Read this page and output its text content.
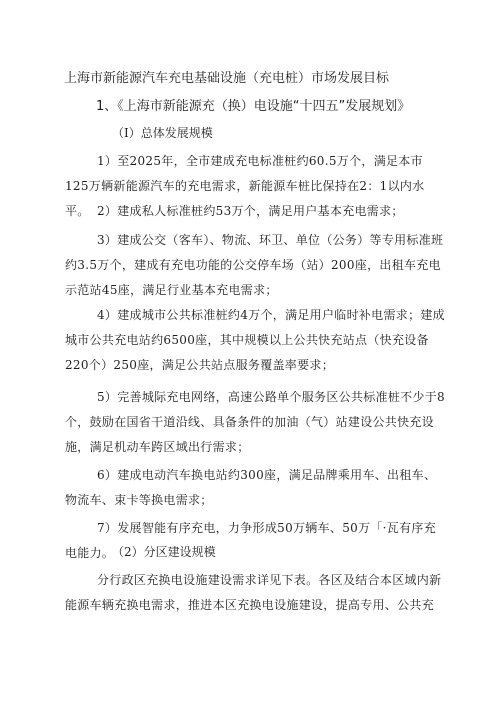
上海市新能源汽车充电基础设施（充电桩）市场发展目标
1、《上海市新能源充（换）电设施“十四五”发展规划》
（I）总体发展规模

1）至2025年，全市建成充电标准桩约60.5万个，满足本市125万辆新能源汽车的充电需求，新能源车桩比保持在2：1以内水平。 2）建成私人标准桩约53万个，满足用户基本充电需求；

3）建成公交（客车）、物流、环卫、单位（公务）等专用标准班约3.5万个，建成有充电功能的公交停车场（站）200座，出租车充电示范站45座，满足行业基本充电需求；

4）建成城市公共标准桩约4万个，满足用户临时补电需求；建成城市公共充电站约6500座，其中规模以上公共快充站点（快充设备220个）250座，满足公共站点服务覆盖率要求；

5）完善城际充电网络，高速公路单个服务区公共标准桩不少于8个，鼓励在国省干道沿线、具备条件的加油（气）站建设公共快充设施，满足机动车跨区域出行需求；

6）建成电动汽车换电站约300座，满足品牌乘用车、出租车、物流车、束卡等换电需求；

7）发展智能有序充电，力争形成50万辆车、50万「·瓦有序充电能力。

（2）分区建设规模

分行政区充换电设施建设需求详见下表。各区及结合本区域内新能源车辆充换电需求，推进本区充换电设施建设，提高专用、公共充
